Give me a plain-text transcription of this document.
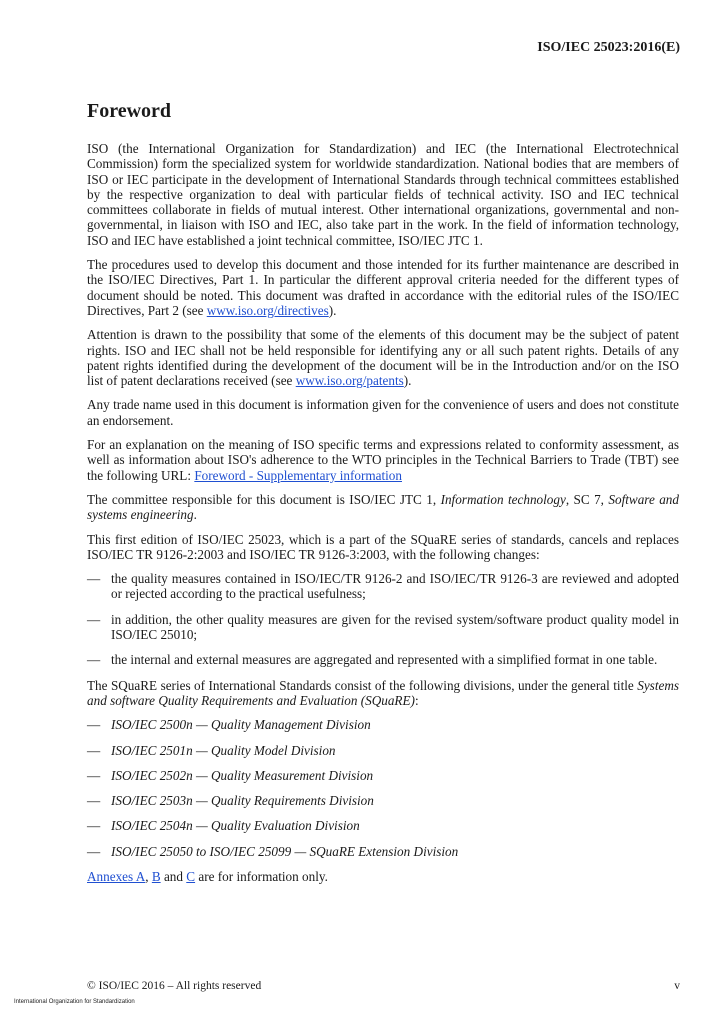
ISO/IEC 25023:2016(E)
Foreword

ISO (the International Organization for Standardization) and IEC (the International Electrotechnical Commission) form the specialized system for worldwide standardization. National bodies that are members of ISO or IEC participate in the development of International Standards through technical committees established by the respective organization to deal with particular fields of technical activity. ISO and IEC technical committees collaborate in fields of mutual interest. Other international organizations, governmental and non-governmental, in liaison with ISO and IEC, also take part in the work. In the field of information technology, ISO and IEC have established a joint technical committee, ISO/IEC JTC 1.

The procedures used to develop this document and those intended for its further maintenance are described in the ISO/IEC Directives, Part 1. In particular the different approval criteria needed for the different types of document should be noted. This document was drafted in accordance with the editorial rules of the ISO/IEC Directives, Part 2 (see www.iso.org/directives).

Attention is drawn to the possibility that some of the elements of this document may be the subject of patent rights. ISO and IEC shall not be held responsible for identifying any or all such patent rights. Details of any patent rights identified during the development of the document will be in the Introduction and/or on the ISO list of patent declarations received (see www.iso.org/patents).

Any trade name used in this document is information given for the convenience of users and does not constitute an endorsement.

For an explanation on the meaning of ISO specific terms and expressions related to conformity assessment, as well as information about ISO's adherence to the WTO principles in the Technical Barriers to Trade (TBT) see the following URL: Foreword - Supplementary information

The committee responsible for this document is ISO/IEC JTC 1, Information technology, SC 7, Software and systems engineering.

This first edition of ISO/IEC 25023, which is a part of the SQuaRE series of standards, cancels and replaces ISO/IEC TR 9126-2:2003 and ISO/IEC TR 9126-3:2003, with the following changes:

— the quality measures contained in ISO/IEC/TR 9126-2 and ISO/IEC/TR 9126-3 are reviewed and adopted or rejected according to the practical usefulness;
— in addition, the other quality measures are given for the revised system/software product quality model in ISO/IEC 25010;
— the internal and external measures are aggregated and represented with a simplified format in one table.

The SQuaRE series of International Standards consist of the following divisions, under the general title Systems and software Quality Requirements and Evaluation (SQuaRE):

— ISO/IEC 2500n — Quality Management Division
— ISO/IEC 2501n — Quality Model Division
— ISO/IEC 2502n — Quality Measurement Division
— ISO/IEC 2503n — Quality Requirements Division
— ISO/IEC 2504n — Quality Evaluation Division
— ISO/IEC 25050 to ISO/IEC 25099 — SQuaRE Extension Division

Annexes A, B and C are for information only.

© ISO/IEC 2016 – All rights reserved	v
International Organization for Standardization
